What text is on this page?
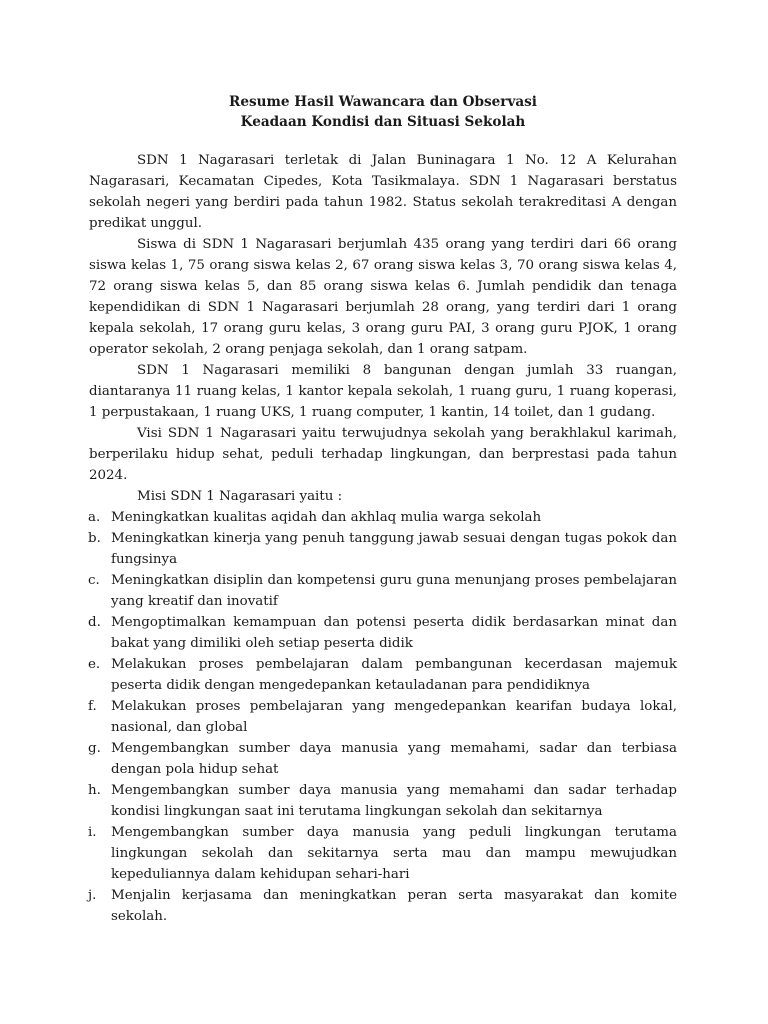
Resume Hasil Wawancara dan Observasi

Keadaan Kondisi dan Situasi Sekolah

SDN 1 Nagarasari terletak di Jalan Buninagara 1 No. 12 A Kelurahan Nagarasari, Kecamatan Cipedes, Kota Tasikmalaya. SDN 1 Nagarasari berstatus sekolah negeri yang berdiri pada tahun 1982. Status sekolah terakreditasi A dengan predikat unggul.

Siswa di SDN 1 Nagarasari berjumlah 435 orang yang terdiri dari 66 orang siswa kelas 1, 75 orang siswa kelas 2, 67 orang siswa kelas 3, 70 orang siswa kelas 4, 72 orang siswa kelas 5, dan 85 orang siswa kelas 6. Jumlah pendidik dan tenaga kependidikan di SDN 1 Nagarasari berjumlah 28 orang, yang terdiri dari 1 orang kepala sekolah, 17 orang guru kelas, 3 orang guru PAI, 3 orang guru PJOK, 1 orang operator sekolah, 2 orang penjaga sekolah, dan 1 orang satpam.

SDN 1 Nagarasari memiliki 8 bangunan dengan jumlah 33 ruangan, diantaranya 11 ruang kelas, 1 kantor kepala sekolah, 1 ruang guru, 1 ruang koperasi, 1 perpustakaan, 1 ruang UKS, 1 ruang computer, 1 kantin, 14 toilet, dan 1 gudang.

Visi SDN 1 Nagarasari yaitu terwujudnya sekolah yang berakhlakul karimah, berperilaku hidup sehat, peduli terhadap lingkungan, dan berprestasi pada tahun 2024.

Misi SDN 1 Nagarasari yaitu :

a. Meningkatkan kualitas aqidah dan akhlaq mulia warga sekolah
b. Meningkatkan kinerja yang penuh tanggung jawab sesuai dengan tugas pokok dan fungsinya
c. Meningkatkan disiplin dan kompetensi guru guna menunjang proses pembelajaran yang kreatif dan inovatif
d. Mengoptimalkan kemampuan dan potensi peserta didik berdasarkan minat dan bakat yang dimiliki oleh setiap peserta didik
e. Melakukan proses pembelajaran dalam pembangunan kecerdasan majemuk peserta didik dengan mengedepankan ketauladanan para pendidiknya
f. Melakukan proses pembelajaran yang mengedepankan kearifan budaya lokal, nasional, dan global
g. Mengembangkan sumber daya manusia yang memahami, sadar dan terbiasa dengan pola hidup sehat
h. Mengembangkan sumber daya manusia yang memahami dan sadar terhadap kondisi lingkungan saat ini terutama lingkungan sekolah dan sekitarnya
i. Mengembangkan sumber daya manusia yang peduli lingkungan terutama lingkungan sekolah dan sekitarnya serta mau dan mampu mewujudkan kepeduliannya dalam kehidupan sehari-hari
j. Menjalin kerjasama dan meningkatkan peran serta masyarakat dan komite sekolah.
